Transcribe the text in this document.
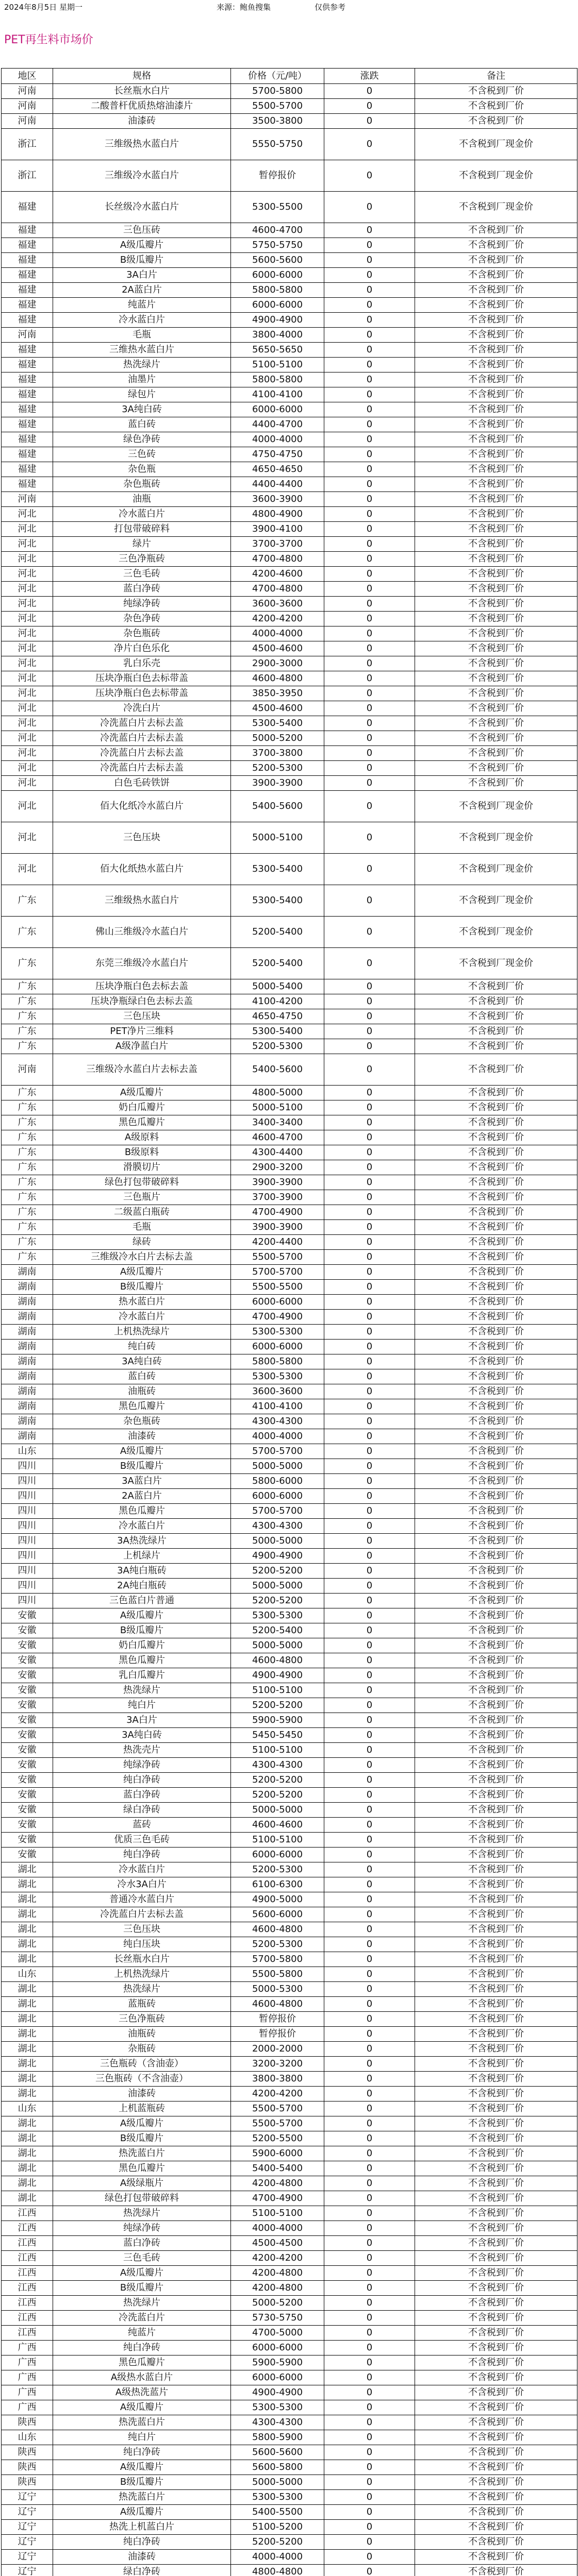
2024年8月5日 星期一	来源：鲍鱼搜集	仅供参考
PET再生料市场价
地区	规格	价格（元/吨）	涨跌	备注
河南	长丝瓶水白片	5700-5800	0	不含税到厂价
河南	二酸普杆优质热熔油漆片	5500-5700	0	不含税到厂价
河南	油漆砖	3500-3800	0	不含税到厂价
浙江	三维级热水蓝白片	5550-5750	0	不含税到厂现金价
浙江	三维级冷水蓝白片	暂停报价	0	不含税到厂现金价
福建	长丝级冷水蓝白片	5300-5500	0	不含税到厂现金价
福建	三色压砖	4600-4700	0	不含税到厂价
福建	A级瓜瓣片	5750-5750	0	不含税到厂价
福建	B级瓜瓣片	5600-5600	0	不含税到厂价
福建	3A白片	6000-6000	0	不含税到厂价
福建	2A蓝白片	5800-5800	0	不含税到厂价
福建	纯蓝片	6000-6000	0	不含税到厂价
福建	冷水蓝白片	4900-4900	0	不含税到厂价
河南	毛瓶	3800-4000	0	不含税到厂价
福建	三维热水蓝白片	5650-5650	0	不含税到厂价
福建	热洗绿片	5100-5100	0	不含税到厂价
福建	油墨片	5800-5800	0	不含税到厂价
福建	绿包片	4100-4100	0	不含税到厂价
福建	3A纯白砖	6000-6000	0	不含税到厂价
福建	蓝白砖	4400-4700	0	不含税到厂价
福建	绿色净砖	4000-4000	0	不含税到厂价
福建	三色砖	4750-4750	0	不含税到厂价
福建	杂色瓶	4650-4650	0	不含税到厂价
福建	杂色瓶砖	4400-4400	0	不含税到厂价
河南	油瓶	3600-3900	0	不含税到厂价
河北	冷水蓝白片	4800-4900	0	不含税到厂价
河北	打包带破碎料	3900-4100	0	不含税到厂价
河北	绿片	3700-3700	0	不含税到厂价
河北	三色净瓶砖	4700-4800	0	不含税到厂价
河北	三色毛砖	4200-4600	0	不含税到厂价
河北	蓝白净砖	4700-4800	0	不含税到厂价
河北	纯绿净砖	3600-3600	0	不含税到厂价
河北	杂色净砖	4200-4200	0	不含税到厂价
河北	杂色瓶砖	4000-4000	0	不含税到厂价
河北	净片白色乐化	4500-4600	0	不含税到厂价
河北	乳白乐壳	2900-3000	0	不含税到厂价
河北	压块净瓶白色去标带盖	4600-4800	0	不含税到厂价
河北	压块净瓶白色去标带盖	3850-3950	0	不含税到厂价
河北	冷洗白片	4500-4600	0	不含税到厂价
河北	冷洗蓝白片去标去盖	5300-5400	0	不含税到厂价
河北	冷洗蓝白片去标去盖	5000-5200	0	不含税到厂价
河北	冷洗蓝白片去标去盖	3700-3800	0	不含税到厂价
河北	冷洗蓝白片去标去盖	5200-5300	0	不含税到厂价
河北	白色毛砖铁饼	3900-3900	0	不含税到厂价
河北	佰大化纸冷水蓝白片	5400-5600	0	不含税到厂现金价
河北	三色压块	5000-5100	0	不含税到厂现金价
河北	佰大化纸热水蓝白片	5300-5400	0	不含税到厂现金价
广东	三维级热水蓝白片	5300-5400	0	不含税到厂现金价
广东	佛山三维级冷水蓝白片	5200-5400	0	不含税到厂现金价
广东	东莞三维级冷水蓝白片	5200-5400	0	不含税到厂现金价
广东	压块净瓶白色去标去盖	5000-5400	0	不含税到厂价
广东	压块净瓶绿白色去标去盖	4100-4200	0	不含税到厂价
广东	三色压块	4650-4750	0	不含税到厂价
广东	PET净片三维料	5300-5400	0	不含税到厂价
广东	A级净蓝白片	5200-5300	0	不含税到厂价
河南	三维级冷水蓝白片去标去盖	5400-5600	0	不含税到厂价
广东	A级瓜瓣片	4800-5000	0	不含税到厂价
广东	奶白瓜瓣片	5000-5100	0	不含税到厂价
广东	黑色瓜瓣片	3400-3400	0	不含税到厂价
广东	A级原料	4600-4700	0	不含税到厂价
广东	B级原料	4300-4400	0	不含税到厂价
广东	滑膜切片	2900-3200	0	不含税到厂价
广东	绿色打包带破碎料	3900-3900	0	不含税到厂价
广东	三色瓶片	3700-3900	0	不含税到厂价
广东	二级蓝白瓶砖	4700-4900	0	不含税到厂价
广东	毛瓶	3900-3900	0	不含税到厂价
广东	绿砖	4200-4400	0	不含税到厂价
广东	三维级冷水白片去标去盖	5500-5700	0	不含税到厂价
湖南	A级瓜瓣片	5700-5700	0	不含税到厂价
湖南	B级瓜瓣片	5500-5500	0	不含税到厂价
湖南	热水蓝白片	6000-6000	0	不含税到厂价
湖南	冷水蓝白片	4700-4900	0	不含税到厂价
湖南	上机热洗绿片	5300-5300	0	不含税到厂价
湖南	纯白砖	6000-6000	0	不含税到厂价
湖南	3A纯白砖	5800-5800	0	不含税到厂价
湖南	蓝白砖	5300-5300	0	不含税到厂价
湖南	油瓶砖	3600-3600	0	不含税到厂价
湖南	黑色瓜瓣片	4100-4100	0	不含税到厂价
湖南	杂色瓶砖	4300-4300	0	不含税到厂价
湖南	油漆砖	4000-4000	0	不含税到厂价
山东	A级瓜瓣片	5700-5700	0	不含税到厂价
四川	B级瓜瓣片	5000-5000	0	不含税到厂价
四川	3A蓝白片	5800-6000	0	不含税到厂价
四川	2A蓝白片	6000-6000	0	不含税到厂价
四川	黑色瓜瓣片	5700-5700	0	不含税到厂价
四川	冷水蓝白片	4300-4300	0	不含税到厂价
四川	3A热洗绿片	5000-5000	0	不含税到厂价
四川	上机绿片	4900-4900	0	不含税到厂价
四川	3A纯白瓶砖	5200-5200	0	不含税到厂价
四川	2A纯白瓶砖	5000-5000	0	不含税到厂价
四川	三色蓝白片普通	5200-5200	0	不含税到厂价
安徽	A级瓜瓣片	5300-5300	0	不含税到厂价
安徽	B级瓜瓣片	5200-5400	0	不含税到厂价
安徽	奶白瓜瓣片	5000-5000	0	不含税到厂价
安徽	黑色瓜瓣片	4600-4800	0	不含税到厂价
安徽	乳白瓜瓣片	4900-4900	0	不含税到厂价
安徽	热洗绿片	5100-5100	0	不含税到厂价
安徽	纯白片	5200-5200	0	不含税到厂价
安徽	3A白片	5900-5900	0	不含税到厂价
安徽	3A纯白砖	5450-5450	0	不含税到厂价
安徽	热洗壳片	5100-5100	0	不含税到厂价
安徽	纯绿净砖	4300-4300	0	不含税到厂价
安徽	纯白净砖	5200-5200	0	不含税到厂价
安徽	蓝白净砖	5200-5200	0	不含税到厂价
安徽	绿白净砖	5000-5000	0	不含税到厂价
安徽	蓝砖	4600-4600	0	不含税到厂价
安徽	优质三色毛砖	5100-5100	0	不含税到厂价
安徽	纯白净砖	6000-6000	0	不含税到厂价
湖北	冷水蓝白片	5200-5300	0	不含税到厂价
湖北	冷水3A白片	6100-6300	0	不含税到厂价
湖北	普通冷水蓝白片	4900-5000	0	不含税到厂价
湖北	冷洗蓝白片去标去盖	5600-6000	0	不含税到厂价
湖北	三色压块	4600-4800	0	不含税到厂价
湖北	纯白压块	5200-5300	0	不含税到厂价
湖北	长丝瓶水白片	5700-5800	0	不含税到厂价
山东	上机热洗绿片	5500-5800	0	不含税到厂价
湖北	热洗绿片	5000-5300	0	不含税到厂价
湖北	蓝瓶砖	4600-4800	0	不含税到厂价
湖北	三色净瓶砖	暂停报价	0	不含税到厂价
湖北	油瓶砖	暂停报价	0	不含税到厂价
湖北	杂瓶砖	2000-2000	0	不含税到厂价
湖北	三色瓶砖（含油壶）	3200-3200	0	不含税到厂价
湖北	三色瓶砖（不含油壶）	3800-3800	0	不含税到厂价
湖北	油漆砖	4200-4200	0	不含税到厂价
山东	上机蓝瓶砖	5500-5700	0	不含税到厂价
湖北	A级瓜瓣片	5500-5700	0	不含税到厂价
湖北	B级瓜瓣片	5200-5500	0	不含税到厂价
湖北	热洗蓝白片	5900-6000	0	不含税到厂价
湖北	黑色瓜瓣片	5400-5400	0	不含税到厂价
湖北	A级绿瓶片	4200-4800	0	不含税到厂价
湖北	绿色打包带破碎料	4700-4900	0	不含税到厂价
江西	热洗绿片	5100-5100	0	不含税到厂价
江西	纯绿净砖	4000-4000	0	不含税到厂价
江西	蓝白净砖	4500-4500	0	不含税到厂价
江西	三色毛砖	4200-4200	0	不含税到厂价
江西	A级瓜瓣片	4200-4800	0	不含税到厂价
江西	B级瓜瓣片	4200-4800	0	不含税到厂价
江西	热洗绿片	5000-5200	0	不含税到厂价
江西	冷洗蓝白片	5730-5750	0	不含税到厂价
江西	纯蓝片	4700-5000	0	不含税到厂价
广西	纯白净砖	6000-6000	0	不含税到厂价
广西	黑色瓜瓣片	5900-5900	0	不含税到厂价
广西	A级热水蓝白片	6000-6000	0	不含税到厂价
广西	A级热洗蓝片	4900-4900	0	不含税到厂价
广西	A级瓜瓣片	5300-5300	0	不含税到厂价
陕西	热洗蓝白片	4300-4300	0	不含税到厂价
山东	纯白片	5800-5900	0	不含税到厂价
陕西	纯白净砖	5600-5600	0	不含税到厂价
陕西	A级瓜瓣片	5600-5800	0	不含税到厂价
陕西	B级瓜瓣片	5000-5000	0	不含税到厂价
辽宁	热洗蓝白片	5300-5300	0	不含税到厂价
辽宁	A级瓜瓣片	5400-5500	0	不含税到厂价
辽宁	热洗上机蓝白片	5100-5200	0	不含税到厂价
辽宁	纯白净砖	5200-5200	0	不含税到厂价
辽宁	油漆砖	4000-4000	0	不含税到厂价
辽宁	绿白净砖	4800-4800	0	不含税到厂价
